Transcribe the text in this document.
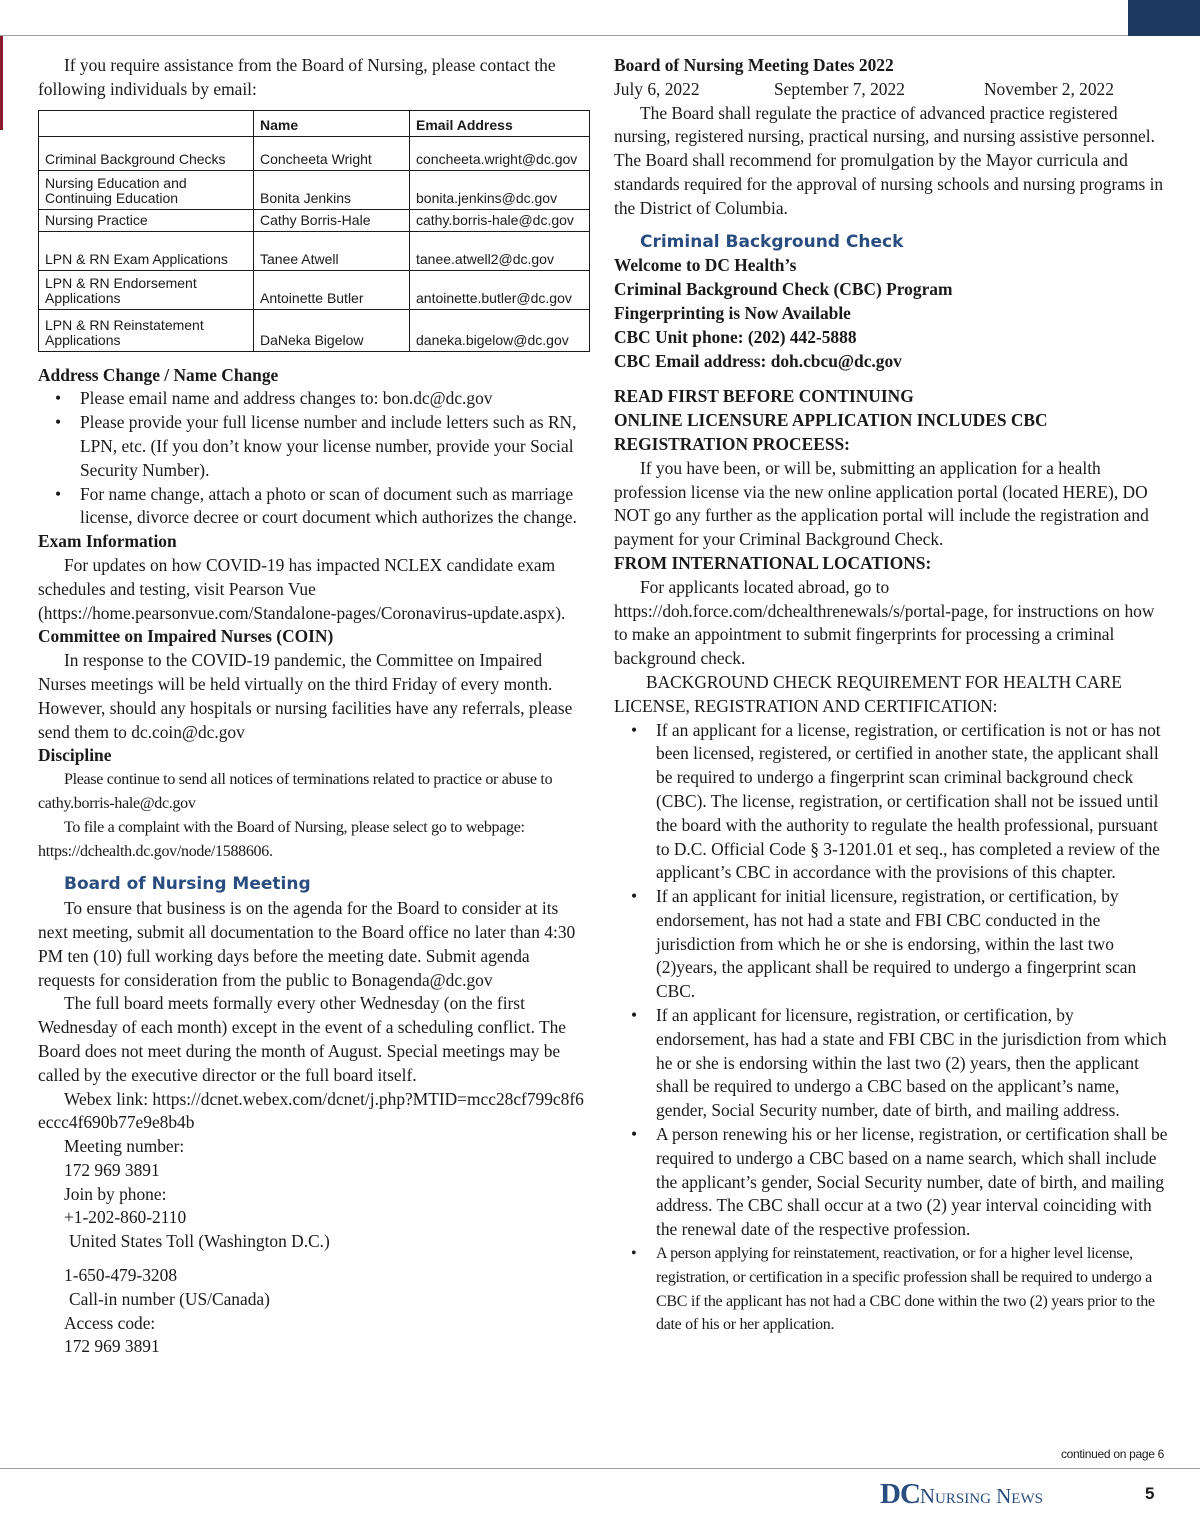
If you require assistance from the Board of Nursing, please contact the following individuals by email:

	Name	Email Address
Criminal Background Checks	Concheeta Wright	concheeta.wright@dc.gov
Nursing Education and Continuing Education	Bonita Jenkins	bonita.jenkins@dc.gov
Nursing Practice	Cathy Borris-Hale	cathy.borris-hale@dc.gov
LPN & RN Exam Applications	Tanee Atwell	tanee.atwell2@dc.gov
LPN & RN Endorsement Applications	Antoinette Butler	antoinette.butler@dc.gov
LPN & RN Reinstatement Applications	DaNeka Bigelow	daneka.bigelow@dc.gov

Address Change / Name Change

• Please email name and address changes to: bon.dc@dc.gov
• Please provide your full license number and include letters such as RN, LPN, etc. (If you don’t know your license number, provide your Social Security Number).
• For name change, attach a photo or scan of document such as marriage license, divorce decree or court document which authorizes the change.

Exam Information

For updates on how COVID-19 has impacted NCLEX candidate exam schedules and testing, visit Pearson Vue (https://home.pearsonvue.com/Standalone-pages/Coronavirus-update.aspx).

Committee on Impaired Nurses (COIN)

In response to the COVID-19 pandemic, the Committee on Impaired Nurses meetings will be held virtually on the third Friday of every month. However, should any hospitals or nursing facilities have any referrals, please send them to dc.coin@dc.gov

Discipline

Please continue to send all notices of terminations related to practice or abuse to cathy.borris-hale@dc.gov

To file a complaint with the Board of Nursing, please select go to webpage: https://dchealth.dc.gov/node/1588606.

Board of Nursing Meeting

To ensure that business is on the agenda for the Board to consider at its next meeting, submit all documentation to the Board office no later than 4:30 PM ten (10) full working days before the meeting date. Submit agenda requests for consideration from the public to Bonagenda@dc.gov

The full board meets formally every other Wednesday (on the first Wednesday of each month) except in the event of a scheduling conflict. The Board does not meet during the month of August. Special meetings may be called by the executive director or the full board itself.

Webex link: https://dcnet.webex.com/dcnet/j.php?MTID=mcc28cf799c8f6eccc4f690b77e9e8b4b

Meeting number:

172 969 3891

Join by phone:

+1-202-860-2110

United States Toll (Washington D.C.)

1-650-479-3208

Call-in number (US/Canada)

Access code:

172 969 3891

Board of Nursing Meeting Dates 2022

July 6, 2022	September 7, 2022	November 2, 2022

The Board shall regulate the practice of advanced practice registered nursing, registered nursing, practical nursing, and nursing assistive personnel. The Board shall recommend for promulgation by the Mayor curricula and standards required for the approval of nursing schools and nursing programs in the District of Columbia.

Criminal Background Check

Welcome to DC Health’s

Criminal Background Check (CBC) Program

Fingerprinting is Now Available

CBC Unit phone: (202) 442-5888

CBC Email address: doh.cbcu@dc.gov

READ FIRST BEFORE CONTINUING

ONLINE LICENSURE APPLICATION INCLUDES CBC REGISTRATION PROCEESS:

If you have been, or will be, submitting an application for a health profession license via the new online application portal (located HERE), DO NOT go any further as the application portal will include the registration and payment for your Criminal Background Check.

FROM INTERNATIONAL LOCATIONS:

For applicants located abroad, go to https://doh.force.com/dchealthrenewals/s/portal-page, for instructions on how to make an appointment to submit fingerprints for processing a criminal background check.

BACKGROUND CHECK REQUIREMENT FOR HEALTH CARE LICENSE, REGISTRATION AND CERTIFICATION:

• If an applicant for a license, registration, or certification is not or has not been licensed, registered, or certified in another state, the applicant shall be required to undergo a fingerprint scan criminal background check (CBC). The license, registration, or certification shall not be issued until the board with the authority to regulate the health professional, pursuant to D.C. Official Code § 3-1201.01 et seq., has completed a review of the applicant’s CBC in accordance with the provisions of this chapter.
• If an applicant for initial licensure, registration, or certification, by endorsement, has not had a state and FBI CBC conducted in the jurisdiction from which he or she is endorsing, within the last two (2)years, the applicant shall be required to undergo a fingerprint scan CBC.
• If an applicant for licensure, registration, or certification, by endorsement, has had a state and FBI CBC in the jurisdiction from which he or she is endorsing within the last two (2) years, then the applicant shall be required to undergo a CBC based on the applicant’s name, gender, Social Security number, date of birth, and mailing address.
• A person renewing his or her license, registration, or certification shall be required to undergo a CBC based on a name search, which shall include the applicant’s gender, Social Security number, date of birth, and mailing address. The CBC shall occur at a two (2) year interval coinciding with the renewal date of the respective profession.
• A person applying for reinstatement, reactivation, or for a higher level license, registration, or certification in a specific profession shall be required to undergo a CBC if the applicant has not had a CBC done within the two (2) years prior to the date of his or her application.
continued on page 6
DCNursing News	5
